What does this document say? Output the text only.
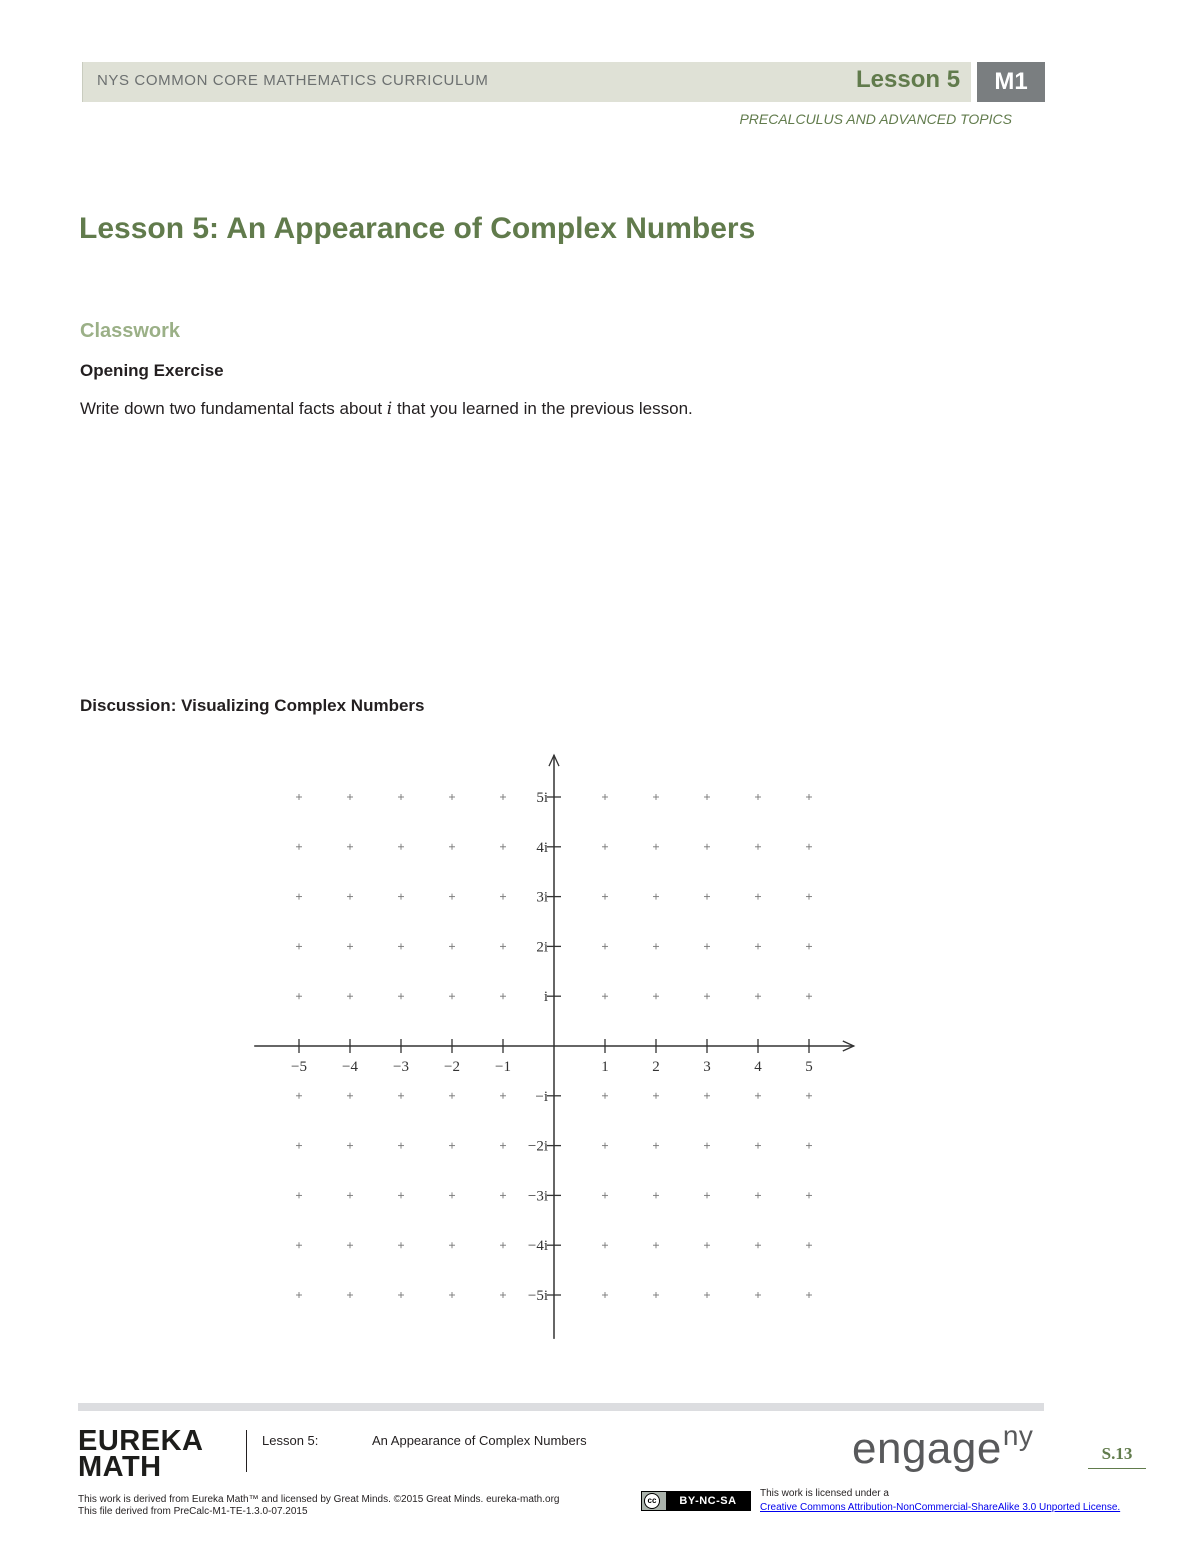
NYS COMMON CORE MATHEMATICS CURRICULUM	Lesson 5	M1
PRECALCULUS AND ADVANCED TOPICS
Lesson 5: An Appearance of Complex Numbers
Classwork
Opening Exercise
Write down two fundamental facts about i that you learned in the previous lesson.
Discussion: Visualizing Complex Numbers
−5 −4 −3 −2 −1	1	2	3	4	5
5i
4i
3i
2i
i
−i
−2i
−3i
−4i
−5i
EUREKA
MATH
Lesson 5:	An Appearance of Complex Numbers	engage$^{ny}$
S.13
This work is derived from Eureka Math™ and licensed by Great Minds. ©2015 Great Minds. eureka-math.org
This file derived from PreCalc-M1-TE-1.3.0-07.2015
cc	BY-NC-SA
This work is licensed under a
Creative Commons Attribution-NonCommercial-ShareAlike 3.0 Unported License.
